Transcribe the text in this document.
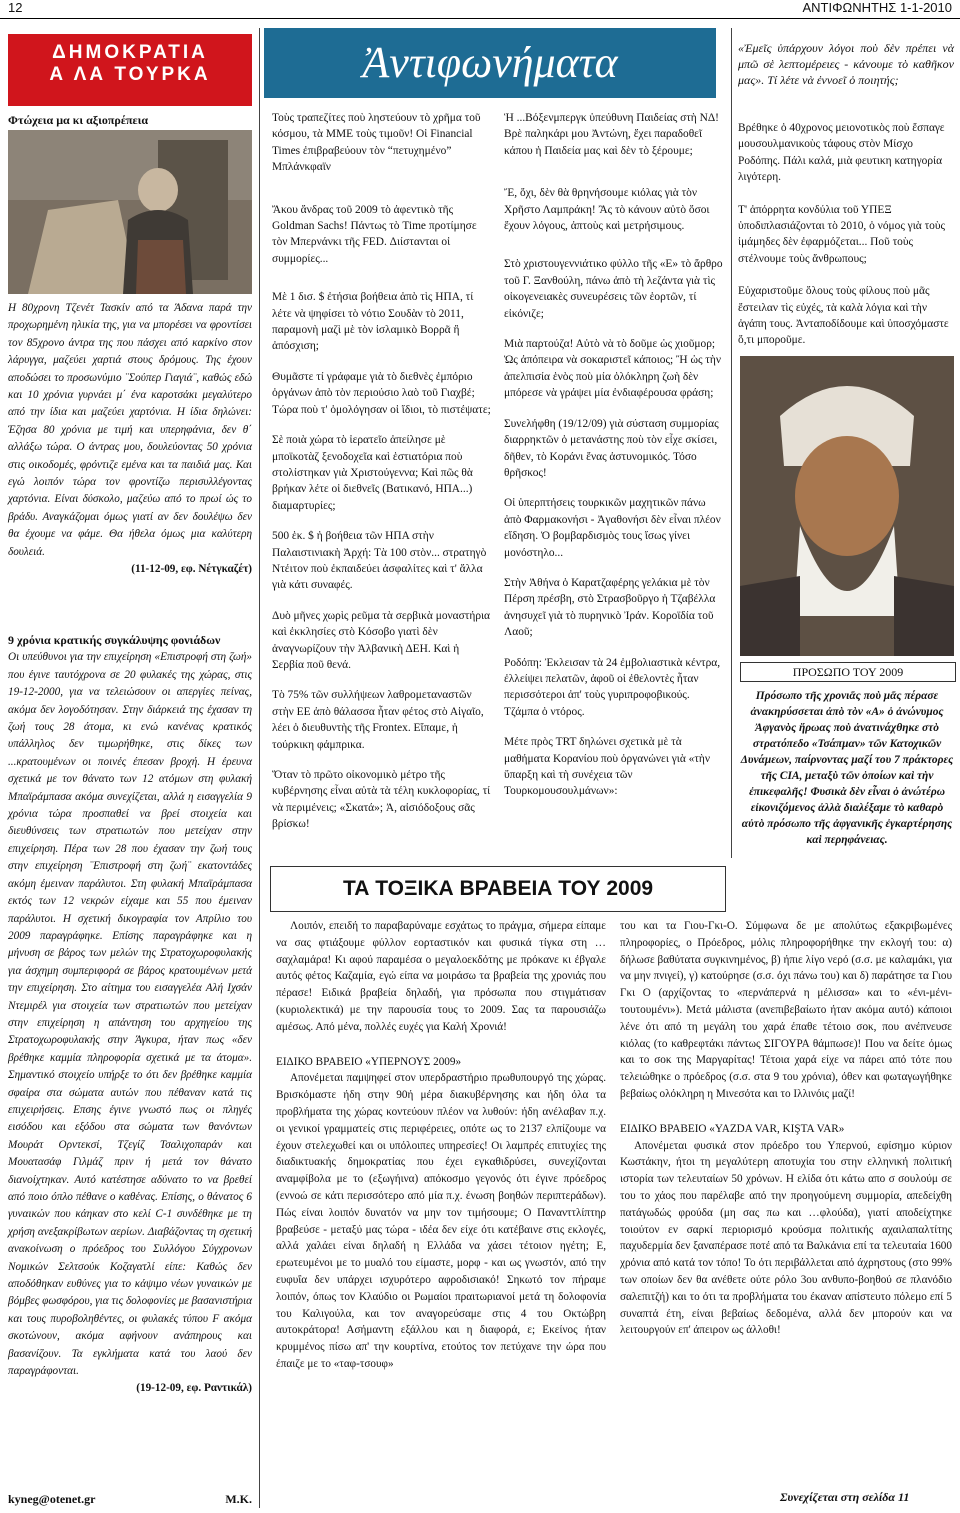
12	ΑΝΤΙΦΩΝΗΤΗΣ 1-1-2010
ΔΗΜΟΚΡΑΤΙΑ
Α ΛΑ ΤΟΥΡΚΑ
Φτώχεια μα κι αξιοπρέπεια

Η 80χρονη Τζενέτ Τασκίν από τα Άδανα παρά την προχωρημένη ηλικία της, για να μπορέσει να φροντίσει τον 85χρονο άντρα της που πάσχει από καρκίνο στον λάρυγγα, μαζεύει χαρτιά στους δρόμους. Της έχουν αποδώσει το προσωνύμιο ¨Σούπερ Γιαγιά¨, καθώς εδώ και 10 χρόνια γυρνάει μ΄ ένα καροτσάκι μεγαλύτερο από την ίδια και μαζεύει χαρτόνια. Η ίδια δηλώνει: Έζησα 80 χρόνια με τιμή και υπερηφάνια, δεν θ΄ αλλάξω τώρα. Ο άντρας μου, δουλεύοντας 50 χρόνια στις οικοδομές, φρόντιζε εμένα και τα παιδιά μας. Και εγώ λοιπόν τώρα τον φροντίζω περισυλλέγοντας χαρτόνια. Είναι δύσκολο, μαζεύω από το πρωί ώς το βράδυ. Αναγκάζομαι όμως γιατί αν δεν δουλέψω δεν θα έχουμε να φάμε. Θα ήθελα όμως μια καλύτερη δουλειά.

(11-12-09, εφ. Νέτγκαζέτ)

9 χρόνια κρατικής συγκάλυψης φονιάδων

Οι υπεύθυνοι για την επιχείρηση «Επιστροφή στη ζωή» που έγινε ταυτόχρονα σε 20 φυλακές της χώρας, στις 19-12-2000, για να τελειώσουν οι απεργίες πείνας, ακόμα δεν λογοδότησαν. Στην διάρκειά της έχασαν τη ζωή τους 28 άτομα, κι ενώ κανένας κρατικός υπάλληλος δεν τιμωρήθηκε, στις δίκες των ...κρατουμένων οι ποινές έπεσαν βροχή. Η έρευνα σχετικά με τον θάνατο των 12 ατόμων στη φυλακή Μπαϊράμπασα ακόμα συνεχίζεται, αλλά η εισαγγελία 9 χρόνια τώρα προσπαθεί να βρεί στοιχεία και διευθύνσεις των στρατιωτών που μετείχαν στην επιχείρηση. Πέρα των 28 που έχασαν την ζωή τους στην επιχείρηση ¨Επιστροφή στη ζωή¨ εκατοντάδες ακόμη έμειναν παράλυτοι. Στη φυλακή Μπαϊράμπασα εκτός των 12 νεκρών είχαμε και 55 που έμειναν παράλυτοι. Η σχετική δικογραφία τον Απρίλιο του 2009 παραγράφηκε. Επίσης παραγράφηκε και η μήνυση σε βάρος των μελών της Στρατοχωροφυλακής για άσχημη συμπεριφορά σε βάρος κρατουμένων μετά την επιχείρηση. Στο αίτημα του εισαγγελέα Αλή Ιχσάν Ντεμιρέλ για στοιχεία των στρατιωτών που μετείχαν στην επιχείρηση η απάντηση του αρχηγείου της Στρατοχωροφυλακής στην Άγκυρα, ήταν πως «δεν βρέθηκε καμμία πληροφορία σχετικά με τα άτομα». Σημαντικό στοιχείο υπήρξε το ότι δεν βρέθηκε καμμία σφαίρα στα σώματα αυτών που πέθαναν κατά τις επιχειρήσεις. Επσης έγινε γνωστό πως οι πληγές εισόδου και εξόδου στα σώματα των θανόντων Μουράτ Ορντεκσί, Τζεγίζ Τσαλιχοπαράν και Μουατασάφ Γιλμάζ πριν ή μετά τον θάνατο διανοίχτηκαν. Αυτό κατέστησε αδύνατο το να βρεθεί από ποιο όπλο πέθανε ο καθένας. Επίσης, ο θάνατος 6 γυναικών που κάηκαν στο κελί C-1 συνδέθηκε με τη χρήση ανεξακρίβωτων αερίων. Διαβάζοντας τη σχετική ανακοίνωση ο πρόεδρος του Συλλόγου Σύγχρονων Νομικών Σελτσούκ Κοζαγατλί είπε: Καθώς δεν αποδόθηκαν ευθύνες για το κάψιμο νέων γυναικών με βόμβες φωσφόρου, για τις δολοφονίες με βασανιστήρια και τους πυροβοληθέντες, οι φυλακές τύπου F ακόμα σκοτώνουν, ακόμα αφήνουν ανάπηρους και βασανίζουν. Τα εγκλήματα κατά του λαού δεν παραγράφονται.

(19-12-09, εφ. Ραντικάλ)

kyneg@otenet.gr	Μ.Κ.
Ἀντιφωνήματα

Τοὺς τραπεζίτες ποὺ ληστεύουν τὸ χρῆμα τοῦ κόσμου, τὰ ΜΜΕ τοὺς τιμοῦν! Οἱ Financial Times ἐπιβραβεύουν τὸν “πετυχημένο” Μπλάνκφαϊν

Ἄκου ἄνδρας τοῦ 2009 τὸ ἀφεντικὸ τῆς Goldman Sachs! Πάντως τὸ Time προτίμησε τὸν Μπερνάνκι τῆς FED. Διίστανται οἱ συμμορίες...

Μὲ 1 δισ. $ ἐτήσια βοήθεια ἀπὸ τὶς ΗΠΑ, τί λέτε νὰ ψηφίσει τὸ νότιο Σουδὰν τὸ 2011, παραμονὴ μαζὶ μὲ τὸν ἰσλαμικὸ Βορρᾶ ἢ ἀπόσχιση;

Θυμᾶστε τί γράφαμε γιὰ τὸ διεθνὲς ἐμπόριο ὀργάνων ἀπὸ τὸν περιούσιο λαὸ τοῦ Γιαχβέ; Τώρα ποὺ τ' ὁμολόγησαν οἱ ἴδιοι, τὸ πιστέψατε;

Σὲ ποιὰ χώρα τὸ ἱερατεῖο ἀπείλησε μὲ μποϊκοτὰζ ξενοδοχεῖα καὶ ἑστιατόρια ποὺ στολίστηκαν γιὰ Χριστούγεννα; Καὶ πῶς θὰ βρήκαν λέτε οἱ διεθνεῖς (Βατικανό, ΗΠΑ...) διαμαρτυρίες;

500 ἑκ. $ ἡ βοήθεια τῶν ΗΠΑ στὴν Παλαιστινιακὴ Ἀρχή: Τὰ 100 στὸν... στρατηγὸ Ντέιτον ποὺ ἐκπαιδεύει ἀσφαλίτες καὶ τ' ἄλλα γιὰ κάτι συναφές.

Δυὸ μῆνες χωρὶς ρεῦμα τὰ σερβικὰ μοναστήρια καὶ ἐκκλησίες στὸ Κόσοβο γιατὶ δὲν ἀναγνωρίζουν τὴν Ἀλβανικὴ ΔΕΗ. Καὶ ἡ Σερβία ποῦ θενά.

Τὸ 75% τῶν συλλήψεων λαθρομεταναστῶν στὴν ΕΕ ἀπὸ θάλασσα ἦταν φέτος στὸ Αἰγαῖο, λέει ὁ διευθυντὴς τῆς Frontex. Εἴπαμε, ἡ τούρκικη φάμπρικα.

Ὅταν τὸ πρῶτο οἰκονομικὸ μέτρο τῆς κυβέρνησης εἶναι αὐτὰ τὰ τέλη κυκλοφορίας, τί νὰ περιμένεις; «Σκατά»; Ἀ, αἰσιόδοξους σᾶς βρίσκω!

Ἡ ...Βόξενμπεργκ ὑπεύθυνη Παιδείας στὴ ΝΔ! Βρὲ παληκάρι μου Ἀντώνη, ἔχει παραδοθεῖ κάπου ἡ Παιδεία μας καὶ δὲν τὸ ξέρουμε;

Ἔ, ὄχι, δὲν θὰ θρηνήσουμε κιόλας γιὰ τὸν Χρῆστο Λαμπράκη! Ἂς τὸ κάνουν αὐτὸ ὅσοι ἔχουν λόγους, ἀπτοὺς καὶ μετρήσιμους.

Στὸ χριστουγεννιάτικο φύλλο τῆς «Ε» τὸ ἄρθρο τοῦ Γ. Ξανθούλη, πάνω ἀπὸ τὴ λεζάντα γιὰ τὶς οἰκογενειακὲς συνευρέσεις τῶν ἑορτῶν, τί εἰκόνιζε;

Μιὰ παρτούζα! Αὐτὸ νὰ τὸ δοῦμε ὡς χιοῦμορ; Ὡς ἀπόπειρα νὰ σοκαριστεῖ κάποιος; Ἢ ὡς τὴν ἀπελπισία ἑνὸς ποὺ μία ὁλόκληρη ζωὴ δὲν μπόρεσε νὰ γράψει μία ἐνδιαφέρουσα φράση;

Συνελήφθη (19/12/09) γιὰ σύσταση συμμορίας διαρρηκτῶν ὁ μετανάστης ποὺ τὸν εἶχε σκίσει, δῆθεν, τὸ Κοράνι ἕνας ἀστυνομικός. Τόσο θρῆσκος!

Οἱ ὑπερπτήσεις τουρκικῶν μαχητικῶν πάνω ἀπὸ Φαρμακονήσι - Ἀγαθονήσι δὲν εἶναι πλέον εἴδηση. Ὁ βομβαρδισμὸς τους ἴσως γίνει μονόστηλο...

Στὴν Ἀθήνα ὁ Καρατζαφέρης γελάκια μὲ τὸν Πέρση πρέσβη, στὸ Στρασβοῦργο ἡ Τζαβέλλα ἀνησυχεῖ γιὰ τὸ πυρηνικὸ Ἰράν. Κοροϊδία τοῦ Λαοῦ;

Ροδόπη: Ἐκλεισαν τὰ 24 ἐμβολιαστικὰ κέντρα, ἐλλείψει πελατῶν, ἀφοῦ οἱ ἐθελοντὲς ἦταν περισσότεροι ἀπ' τοὺς γυριπροφοβικούς. Τζάμπα ὁ ντόρος.

Μέτε πρὸς TRT δηλώνει σχετικὰ μὲ τὰ μαθήματα Κορανίου ποὺ ὀργανώνει γιὰ «τὴν ὕπαρξη καὶ τὴ συνέχεια τῶν Τουρκομουσουλμάνων»:

«Ἐμεῖς ὑπάρχουν λόγοι ποὺ δὲν πρέπει νὰ μπῶ σὲ λεπτομέρειες - κάνουμε τὸ καθῆκον μας». Τί λέτε νὰ ἐννοεῖ ὁ ποιητής;

Βρέθηκε ὁ 40χρονος μειονοτικὸς ποὺ ἔσπαγε μουσουλμανικοὺς τάφους στὸν Μίσχο Ροδόπης. Πάλι καλά, μιὰ φευτικη κατηγορία λιγότερη.

Τ' ἀπόρρητα κονδύλια τοῦ ΥΠΕΞ ὑποδιπλασιάζονται τὸ 2010, ὁ νόμος γιὰ τοὺς ἰμάμηδες δὲν ἐφαρμόζεται... Ποῦ τοὺς στέλνουμε τοὺς ἄνθρωπους;

Εὐχαριστοῦμε ὅλους τοὺς φίλους ποὺ μᾶς ἔστειλαν τὶς εὐχές, τὰ καλὰ λόγια καὶ τὴν ἀγάπη τους. Ἀνταποδίδουμε καὶ ὑποσχόμαστε ὅ,τι μποροῦμε.

ΠΡΟΣΩΠΟ ΤΟΥ 2009
Πρόσωπο τῆς χρονιᾶς ποὺ μᾶς πέρασε ἀνακηρύσσεται ἀπὸ τὸν «Α» ὁ ἀνώνυμος Ἀφγανὸς ἥρωας ποὺ ἀνατινάχθηκε στὸ στρατόπεδο «Τσάπμαν» τῶν Κατοχικῶν Δυνάμεων, παίρνοντας μαζί του 7 πράκτορες τῆς CIA, μεταξὺ τῶν ὁποίων καὶ τὴν ἐπικεφαλῆς! Φυσικὰ δὲν εἶναι ὁ ἀνώτέρω εἰκονιζόμενος ἀλλὰ διαλέξαμε τὸ καθαρὸ αὐτὸ πρόσωπο τῆς ἀφγανικῆς ἐγκαρτέρησης καὶ περηφάνειας.
ΤΑ ΤΟΞΙΚΑ ΒΡΑΒΕΙΑ ΤΟΥ 2009

Λοιπόν, επειδή το παραβαρύναμε εσχάτως το πράγμα, σήμερα είπαμε να σας φτιάξουμε φύλλον εορταστικόν και φυσικά τίγκα στη …σαχλαμάρα! Κι αφού παραμέσα ο μεγαλοεκδότης με πρόκανε κι έβγαλε αυτός φέτος Καζαμία, εγώ είπα να μοιράσω τα βραβεία της χρονιάς που πέρασε! Ειδικά βραβεία δηλαδή, για πρόσωπα που στιγμάτισαν (κυριολεκτικά) με την παρουσία τους το 2009. Σας τα παρουσιάζω αμέσως. Από μένα, πολλές ευχές για Καλή Χρονιά!

ΕΙΔΙΚΟ ΒΡΑΒΕΙΟ «ΥΠΕΡΝΟΥΣ 2009»

Απονέμεται παμψηφεί στον υπερδραστήριο πρωθυπουργό της χώρας. Βρισκόμαστε ήδη στην 90ή μέρα διακυβέρνησης και ήδη όλα τα προβλήματα της χώρας κοντεύουν πλέον να λυθούν: ήδη ανέλαβαν π.χ. οι γενικοί γραμματείς στις περιφέρειες, οπότε ως το 2137 ελπίζουμε να έχουν στελεχωθεί και οι υπόλοιπες υπηρεσίες! Οι λαμπρές επιτυχίες της διαδικτυακής δημοκρατίας που έχει εγκαθιδρύσει, συνεχίζονται αναμφίβολα με το (εξωγήινα) απόκοσμο γεγονός ότι έγινε πρόεδρος (εννοώ σε κάτι περισσότερο από μία π.χ. ένωση βοηθών περιπτεράδων). Πώς είναι λοιπόν δυνατόν να μην τον τιμήσουμε; Ο Πανανττλίπτηρ βραβεύσε - μεταξύ μας τώρα - ιδέα δεν είχε ότι κατέβαινε στις εκλογές, αλλά χαλάει είναι δηλαδή η Ελλάδα να χάσει τέτοιον ηγέτη; Ε, ερωτευμένοι με το μυαλό του είμαστε, μορφ - και ως γνωστόν, από την ευφυΐα δεν υπάρχει ισχυρότερο αφροδισιακό! Σηκωτό τον πήραμε λοιπόν, όπως τον Κλαύδιο οι Ρωμαίοι πραιτωριανοί μετά τη δολοφονία του Καλιγούλα, και τον αναγορεύσαμε στις 4 του Οκτώβρη αυτοκράτορα! Ασήμαντη εξάλλου και η διαφορά, ε; Εκείνος ήταν κρυμμένος πίσω απ' την κουρτίνα, ετούτος τον πετύχανε την ώρα που έπαιζε με το «ταφ-τσουφ»

του και τα Γιου-Γκι-Ο. Σύμφωνα δε με απολύτως εξακριβωμένες πληροφορίες, ο Πρόεδρος, μόλις πληροφορήθηκε την εκλογή του: α) δήλωσε βαθύτατα συγκινημένος, β) ήπιε λίγο νερό (σ.σ. με καλαμάκι, για να μην πνιγεί), γ) κατούρησε (σ.σ. όχι πάνω του) και δ) παράτησε τα Γιου Γκι Ο (αρχίζοντας το «περνάπερνά η μέλισσα» και το «ένι-μένι-τουτουμένι»). Μετά μάλιστα (ανεπιβεβαίωτο ήταν ακόμα αυτό) κάποιοι λένε ότι από τη μεγάλη του χαρά έπαθε τέτοιο σοκ, που ανέπνευσε κιόλας (το καθρεφτάκι πάντως ΣΙΓΟΥΡΑ θάμπωσε)! Που να δείτε όμως και το σοκ της Μαργαρίτας! Τέτοια χαρά είχε να πάρει από τότε που τελειώθηκε ο πρόεδρος (σ.σ. στα 9 του χρόνια), όθεν και φωταγωγήθηκε βεβαίως ολόκληρη η Μινεσότα και το Ιλλινόις μαζί!

ΕΙΔΙΚΟ ΒΡΑΒΕΙΟ «YAZDA VAR, ΚΙŞTA VAR»

Απονέμεται φυσικά στον πρόεδρο του Υπερνού, εφίσημο κύριον Κωστάκην, ήτοι τη μεγαλύτερη αποτυχία του στην ελληνική πολιτική ιστορία των τελευταίων 50 χρόνων. Η ελίδα ότι κάτω απο σ σουλούμ σε του το χάος που παρέλαβε από την προηγούμενη συμμορία, απεδείχθη πατάγωδώς φρούδα (μη σας πω και …φλούδα), γιατί αποδείχτηκε τοιούτον εν σαρκί περιορισμό κρούσμα πολιτικής αχαιλαπαλτίτης παχυδερμία δεν ξαναπέρασε ποτέ από τα Βαλκάνια επί τα τελευταία 1600 χρόνια από κατά τον τόπο! Το ότι περιβάλλεται από άχρηστους (στο 99% των οποίων δεν θα ανέθετε ούτε ρόλο 3ου ανθυπο-βοηθού σε πλανόδιο σαλεπιτζή) και το ότι τα προβλήματα του έκαναν απίστευτο πόλεμο επί 5 συναπτά έτη, είναι βεβαίως δεδομένα, αλλά δεν μπορούν και να λειτουργούν επ' άπειρον ως άλλοθι!

Συνεχίζεται στη σελίδα 11
